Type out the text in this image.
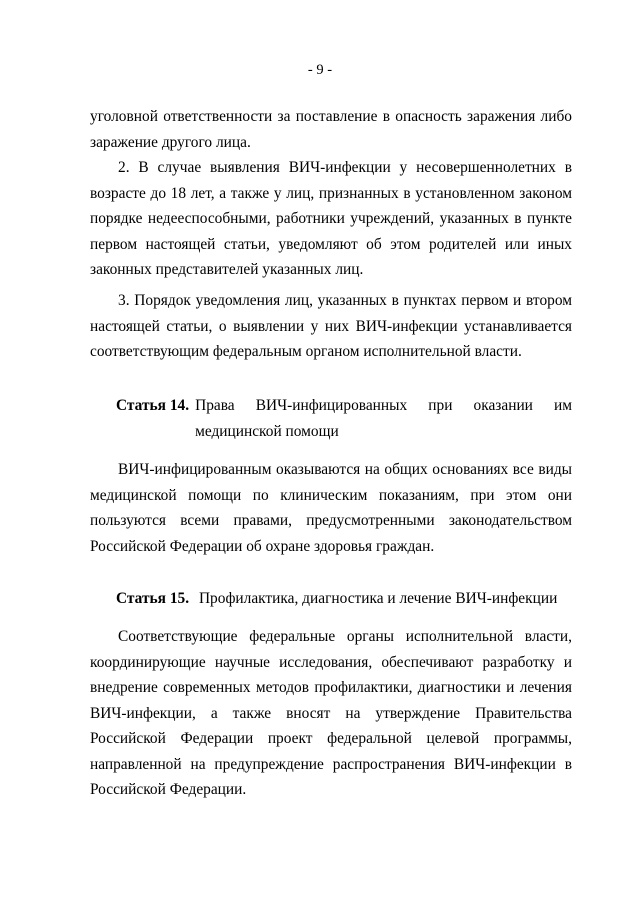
- 9 -

уголовной ответственности за поставление в опасность заражения либо заражение другого лица.

2. В случае выявления ВИЧ-инфекции у несовершеннолетних в возрасте до 18 лет, а также у лиц, признанных в установленном законом порядке недееспособными, работники учреждений, указанных в пункте первом настоящей статьи, уведомляют об этом родителей или иных законных представителей указанных лиц.

3. Порядок уведомления лиц, указанных в пунктах первом и втором настоящей статьи, о выявлении у них ВИЧ-инфекции устанавливается соответствующим федеральным органом исполнительной власти.

Статья 14. Права ВИЧ-инфицированных при оказании им медицинской помощи

ВИЧ-инфицированным оказываются на общих основаниях все виды медицинской помощи по клиническим показаниям, при этом они пользуются всеми правами, предусмотренными законодательством Российской Федерации об охране здоровья граждан.

Статья 15. Профилактика, диагностика и лечение ВИЧ-инфекции

Соответствующие федеральные органы исполнительной власти, координирующие научные исследования, обеспечивают разработку и внедрение современных методов профилактики, диагностики и лечения ВИЧ-инфекции, а также вносят на утверждение Правительства Российской Федерации проект федеральной целевой программы, направленной на предупреждение распространения ВИЧ-инфекции в Российской Федерации.
